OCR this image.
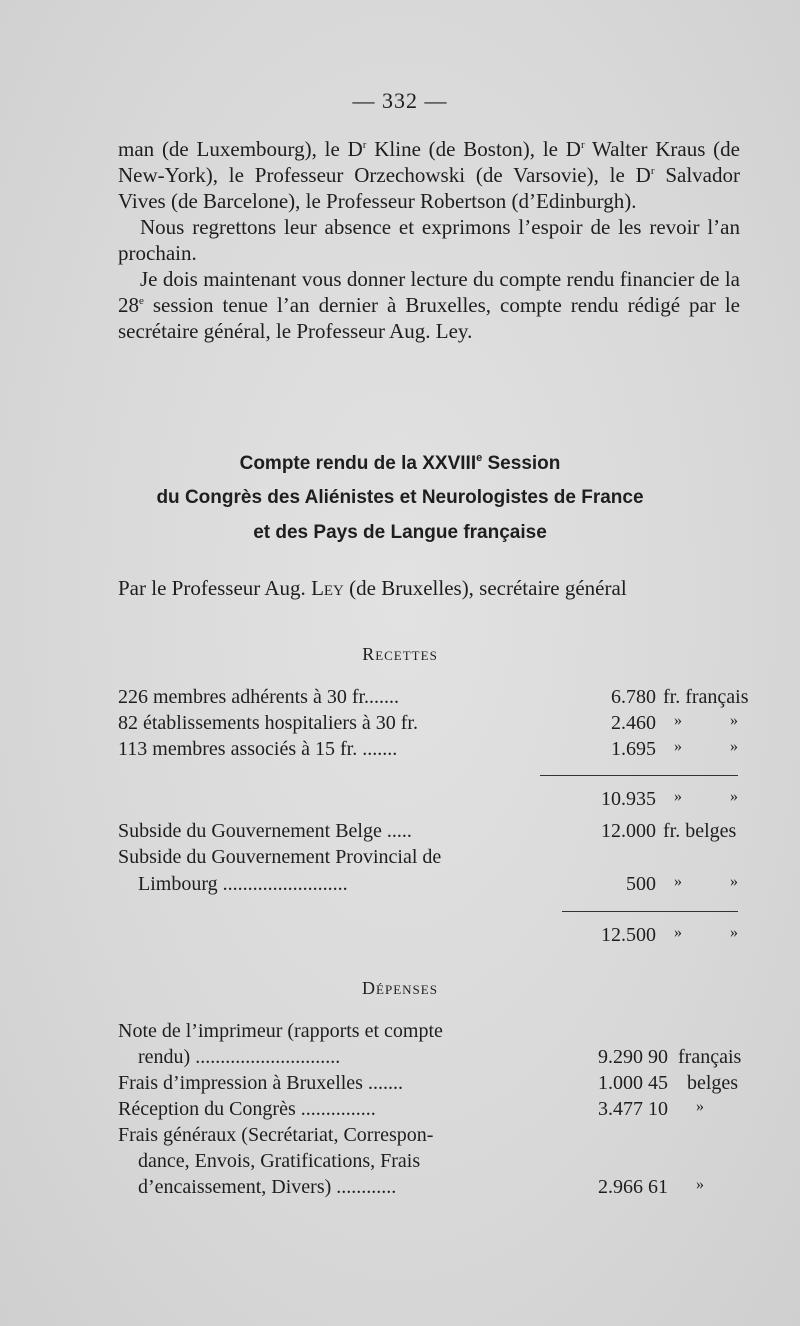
— 332 —

man (de Luxembourg), le $D^r$ Kline (de Boston), le $D^r$ Walter Kraus (de New-York), le Professeur Orzechowski (de Varsovie), le $D^r$ Salvador Vives (de Barcelone), le Professeur Robertson (d’Edinburgh).

Nous regrettons leur absence et exprimons l’espoir de les revoir l’an prochain.

Je dois maintenant vous donner lecture du compte rendu financier de la 28e session tenue l’an dernier à Bruxelles, compte rendu rédigé par le secrétaire général, le Professeur Aug. Ley.

Compte rendu de la XXVIIIe Session
du Congrès des Aliénistes et Neurologistes de France
et des Pays de Langue française
Par le Professeur Aug. Ley (de Bruxelles), secrétaire général
Recettes
226 membres adhérents à 30 fr.......	6.780 fr. français
82 établissements hospitaliers à 30 fr.	2.460 »	»
113 membres associés à 15 fr. .......	1.695 »	»
10.935 »	»
Subside du Gouvernement Belge .....	12.000 fr. belges
Subside du Gouvernement Provincial de
Limbourg .........................	500 »	»
12.500 »	»
Dépenses
Note de l’imprimeur (rapports et compte
rendu) .............................	9.290 90 français
Frais d’impression à Bruxelles .......	1.000 45 belges
Réception du Congrès ...............	3.477 10 »
Frais généraux (Secrétariat, Correspon-
dance, Envois, Gratifications, Frais
d’encaissement, Divers) ............	2.966 61 »
